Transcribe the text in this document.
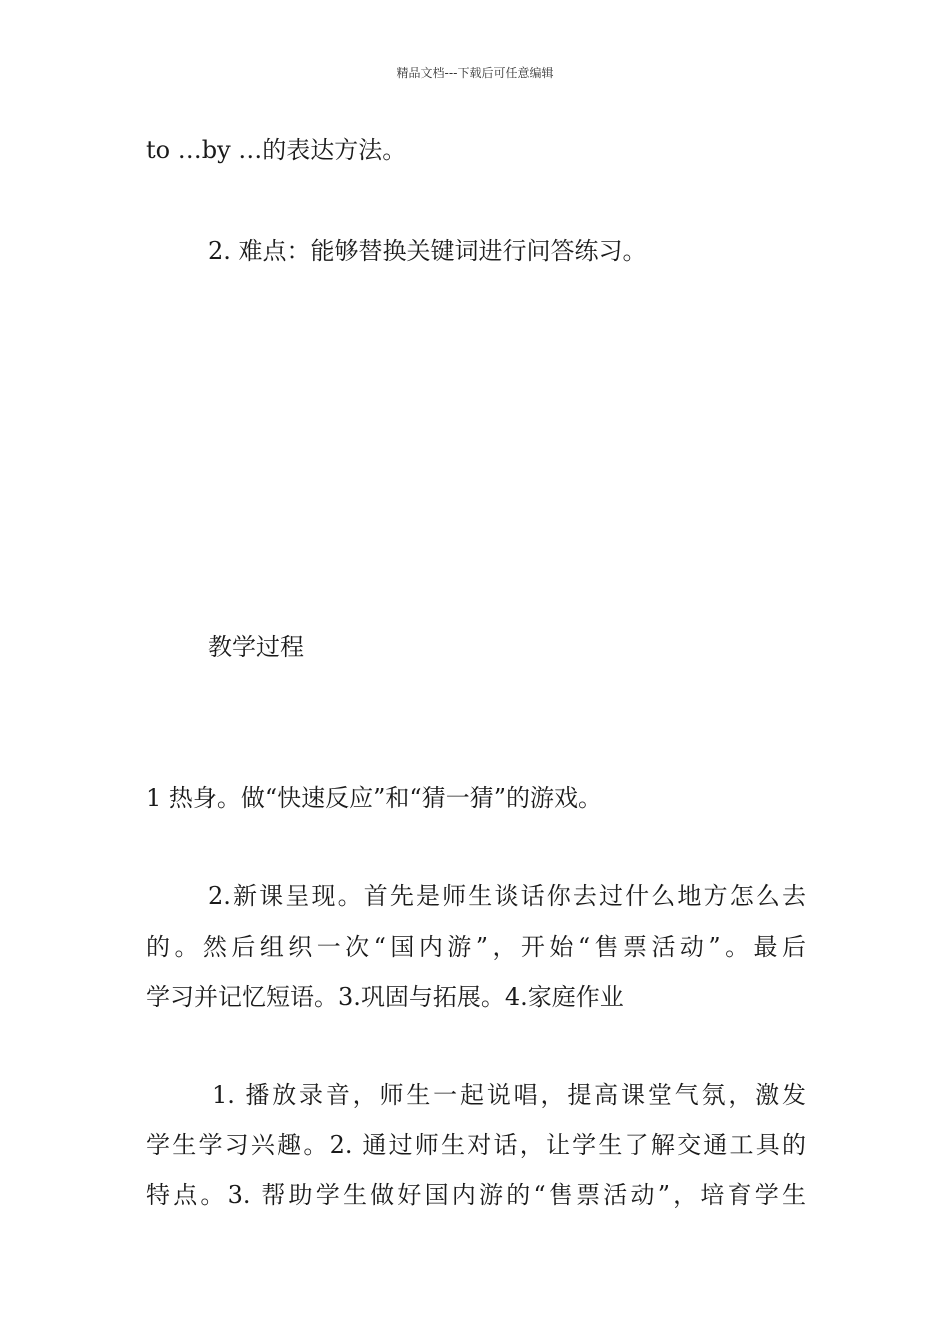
精品文档---下载后可任意编辑
to …by …的表达方法。
2. 难点：能够替换关键词进行问答练习。
教学过程
1 热身。做“快速反应”和“猜一猜”的游戏。
2.新课呈现。首先是师生谈话你去过什么地方怎么去
的。然后组织一次“国内游”，开始“售票活动”。最后
学习并记忆短语。3.巩固与拓展。4.家庭作业
1. 播放录音，师生一起说唱，提高课堂气氛，激发
学生学习兴趣。2. 通过师生对话，让学生了解交通工具的
特点。3. 帮助学生做好国内游的“售票活动”，培育学生
